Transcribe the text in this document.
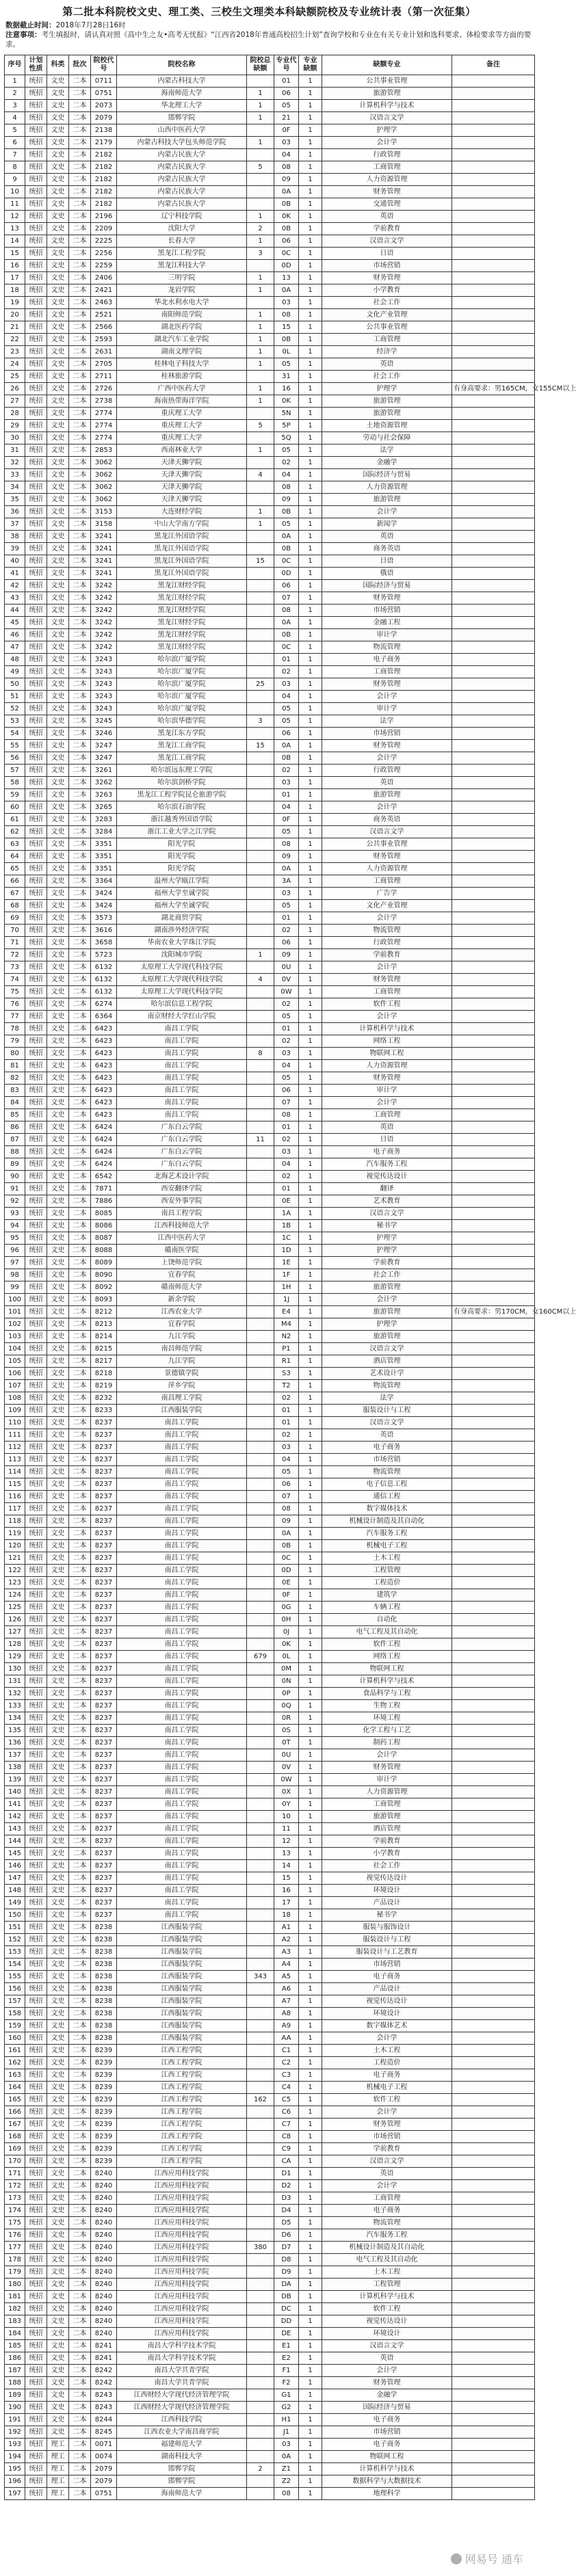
第二批本科院校文史、理工类、三校生文理类本科缺额院校及专业统计表（第一次征集）
数据截止时间：2018年7月28日16时
注意事项：考生填报时，请认真对照《高中生之友•高考无忧报》“江西省2018年普通高校招生计划”查询学校和专业在有关专业计划和选科要求、体检要求等方面的要求。
序号	计划性质	科类	批次	院校代号	院校名称	院校总缺额	专业代号	专业缺额	缺额专业	备注
1	统招	文史	二本	0711	内蒙古科技大学		01	1	公共事业管理	
2	统招	文史	二本	0751	海南师范大学	1	06	1	旅游管理	
3	统招	文史	二本	2073	华北理工大学	1	05	1	计算机科学与技术	
4	统招	文史	二本	2079	邯郸学院	1	21	1	汉语言文学	
5	统招	文史	二本	2138	山西中医药大学		0F	1	护理学	
6	统招	文史	二本	2179	内蒙古科技大学包头师范学院	1	03	1	会计学	
7	统招	文史	二本	2182	内蒙古民族大学		04	1	行政管理	
8	统招	文史	二本	2182	内蒙古民族大学	5	08	1	工商管理	
9	统招	文史	二本	2182	内蒙古民族大学		09	1	人力资源管理	
10	统招	文史	二本	2182	内蒙古民族大学		0A	1	财务管理	
11	统招	文史	二本	2182	内蒙古民族大学		0B	1	交通管理	
12	统招	文史	二本	2196	辽宁科技学院	1	0K	1	英语	
13	统招	文史	二本	2209	沈阳大学	2	0B	1	学前教育	
14	统招	文史	二本	2225	长春大学	1	06	1	汉语言文学	
15	统招	文史	二本	2256	黑龙江工程学院	3	0C	1	日语	
16	统招	文史	二本	2259	黑龙江科技大学		0D	1	市场营销	
17	统招	文史	二本	2406	三明学院	1	13	1	财务管理	
18	统招	文史	二本	2421	龙岩学院	1	0A	1	小学教育	
19	统招	文史	二本	2463	华北水利水电大学		03	1	社会工作	
20	统招	文史	二本	2521	南阳师范学院	1	08	1	文化产业管理	
21	统招	文史	二本	2566	湖北医药学院	1	15	1	公共事业管理	
22	统招	文史	二本	2593	湖北汽车工业学院	1	0B	1	工商管理	
23	统招	文史	二本	2631	湖南文理学院	1	0L	1	经济学	
24	统招	文史	二本	2705	桂林电子科技大学	1	05	1	英语	
25	统招	文史	二本	2711	桂林旅游学院		31	1	社会工作	
26	统招	文史	二本	2726	广西中医药大学	1	16	1	护理学	有身高要求：男165CM，女155CM以上
27	统招	文史	二本	2738	海南热带海洋学院	1	0K	1	旅游管理	
28	统招	文史	二本	2774	重庆理工大学		5N	1	旅游管理	
29	统招	文史	二本	2774	重庆理工大学	5	5P	1	土地资源管理	
30	统招	文史	二本	2774	重庆理工大学		5Q	1	劳动与社会保障	
31	统招	文史	二本	2853	西南林业大学	1	05	1	法学	
32	统招	文史	二本	3062	天津天狮学院		02	1	金融学	
33	统招	文史	二本	3062	天津天狮学院	4	04	1	国际经济与贸易	
34	统招	文史	二本	3062	天津天狮学院		08	1	人力资源管理	
35	统招	文史	二本	3062	天津天狮学院		09	1	旅游管理	
36	统招	文史	二本	3153	大连财经学院	1	0B	1	会计学	
37	统招	文史	二本	3158	中山大学南方学院	1	05	1	新闻学	
38	统招	文史	二本	3241	黑龙江外国语学院		0A	1	英语	
39	统招	文史	二本	3241	黑龙江外国语学院		0B	1	商务英语	
40	统招	文史	二本	3241	黑龙江外国语学院	15	0C	1	日语	
41	统招	文史	二本	3241	黑龙江外国语学院		0D	1	俄语	
42	统招	文史	二本	3242	黑龙江财经学院		06	1	国际经济与贸易	
43	统招	文史	二本	3242	黑龙江财经学院		07	1	财务管理	
44	统招	文史	二本	3242	黑龙江财经学院		08	1	市场营销	
45	统招	文史	二本	3242	黑龙江财经学院		0A	1	金融工程	
46	统招	文史	二本	3242	黑龙江财经学院		0B	1	审计学	
47	统招	文史	二本	3242	黑龙江财经学院		0C	1	物流管理	
48	统招	文史	二本	3243	哈尔滨广厦学院		01	1	电子商务	
49	统招	文史	二本	3243	哈尔滨广厦学院		02	1	工商管理	
50	统招	文史	二本	3243	哈尔滨广厦学院	25	03	1	财务管理	
51	统招	文史	二本	3243	哈尔滨广厦学院		04	1	会计学	
52	统招	文史	二本	3243	哈尔滨广厦学院		05	1	审计学	
53	统招	文史	二本	3245	哈尔滨华德学院	3	05	1	法学	
54	统招	文史	二本	3246	黑龙江东方学院		06	1	市场营销	
55	统招	文史	二本	3247	黑龙江工商学院	15	0A	1	财务管理	
56	统招	文史	二本	3247	黑龙江工商学院		0B	1	会计学	
57	统招	文史	二本	3261	哈尔滨远东理工学院		02	1	行政管理	
58	统招	文史	二本	3262	哈尔滨剑桥学院		03	1	英语	
59	统招	文史	二本	3263	黑龙江工程学院昆仑旅游学院		01	1	旅游管理	
60	统招	文史	二本	3265	哈尔滨石油学院		04	1	会计学	
61	统招	文史	二本	3283	浙江越秀外国语学院		0F	1	商务英语	
62	统招	文史	二本	3284	浙江工业大学之江学院		05	1	汉语言文学	
63	统招	文史	二本	3351	阳光学院		08	1	公共事业管理	
64	统招	文史	二本	3351	阳光学院		09	1	财务管理	
65	统招	文史	二本	3351	阳光学院		0A	1	人力资源管理	
66	统招	文史	二本	3364	温州大学瓯江学院		3A	1	工商管理	
67	统招	文史	二本	3424	福州大学至诚学院		03	1	广告学	
68	统招	文史	二本	3424	福州大学至诚学院		05	1	文化产业管理	
69	统招	文史	二本	3573	湖北商贸学院		01	1	会计学	
70	统招	文史	二本	3616	湖南涉外经济学院		02	1	物流管理	
71	统招	文史	二本	3658	华南农业大学珠江学院		06	1	行政管理	
72	统招	文史	二本	5723	沈阳城市学院	1	09	1	学前教育	
73	统招	文史	二本	6132	太原理工大学现代科技学院		0U	1	会计学	
74	统招	文史	二本	6132	太原理工大学现代科技学院	4	0V	1	财务管理	
75	统招	文史	二本	6132	太原理工大学现代科技学院		0W	1	工商管理	
76	统招	文史	二本	6274	哈尔滨信息工程学院		02	1	软件工程	
77	统招	文史	二本	6364	南京财经大学红山学院		05	1	会计学	
78	统招	文史	二本	6423	南昌工学院		01	1	计算机科学与技术	
79	统招	文史	二本	6423	南昌工学院		02	1	网络工程	
80	统招	文史	二本	6423	南昌工学院	8	03	1	物联网工程	
81	统招	文史	二本	6423	南昌工学院		04	1	人力资源管理	
82	统招	文史	二本	6423	南昌工学院		05	1	财务管理	
83	统招	文史	二本	6423	南昌工学院		06	1	审计学	
84	统招	文史	二本	6423	南昌工学院		07	1	会计学	
85	统招	文史	二本	6423	南昌工学院		08	1	工商管理	
86	统招	文史	二本	6424	广东白云学院		01	1	英语	
87	统招	文史	二本	6424	广东白云学院	11	02	1	日语	
88	统招	文史	二本	6424	广东白云学院		03	1	电子商务	
89	统招	文史	二本	6424	广东白云学院		04	1	汽车服务工程	
90	统招	文史	二本	6542	北海艺术设计学院		02	1	视觉传达设计	
91	统招	文史	二本	7871	西安翻译学院		01	1	翻译	
92	统招	文史	二本	7886	西安外事学院		0E	1	艺术教育	
93	统招	文史	二本	8085	南昌工程学院		1A	1	汉语言文学	
94	统招	文史	二本	8086	江西科技师范大学		1B	1	秘书学	
95	统招	文史	二本	8087	江西中医药大学		1C	1	护理学	
96	统招	文史	二本	8088	赣南医学院		1D	1	护理学	
97	统招	文史	二本	8089	上饶师范学院		1E	1	学前教育	
98	统招	文史	二本	8090	宜春学院		1F	1	社会工作	
99	统招	文史	二本	8092	赣南师范大学		1H	1	旅游管理	
100	统招	文史	二本	8093	新余学院		1J	1	会计学	
101	统招	文史	二本	8212	江西农业大学		E4	1	旅游管理	有身高要求：男170CM，女160CM以上
102	统招	文史	二本	8213	宜春学院		M4	1	护理学	
103	统招	文史	二本	8214	九江学院		N2	1	旅游管理	
104	统招	文史	二本	8215	南昌师范学院		P1	1	汉语言文学	
105	统招	文史	二本	8217	九江学院		R1	1	酒店管理	
106	统招	文史	二本	8218	景德镇学院		S3	1	艺术设计学	
107	统招	文史	二本	8219	萍乡学院		T2	1	物流管理	
108	统招	文史	二本	8232	南昌理工学院		02	1	法学	
109	统招	文史	二本	8233	江西服装学院		01	1	服装设计与工程	
110	统招	文史	二本	8237	南昌工学院		01	1	汉语言文学	
111	统招	文史	二本	8237	南昌工学院		02	1	英语	
112	统招	文史	二本	8237	南昌工学院		03	1	电子商务	
113	统招	文史	二本	8237	南昌工学院		04	1	市场营销	
114	统招	文史	二本	8237	南昌工学院		05	1	物流管理	
115	统招	文史	二本	8237	南昌工学院		06	1	电子信息工程	
116	统招	文史	二本	8237	南昌工学院		07	1	通信工程	
117	统招	文史	二本	8237	南昌工学院		08	1	数字媒体技术	
118	统招	文史	二本	8237	南昌工学院		09	1	机械设计制造及其自动化	
119	统招	文史	二本	8237	南昌工学院		0A	1	汽车服务工程	
120	统招	文史	二本	8237	南昌工学院		0B	1	机械电子工程	
121	统招	文史	二本	8237	南昌工学院		0C	1	土木工程	
122	统招	文史	二本	8237	南昌工学院		0D	1	工程管理	
123	统招	文史	二本	8237	南昌工学院		0E	1	工程造价	
124	统招	文史	二本	8237	南昌工学院		0F	1	建筑学	
125	统招	文史	二本	8237	南昌工学院		0G	1	车辆工程	
126	统招	文史	二本	8237	南昌工学院		0H	1	自动化	
127	统招	文史	二本	8237	南昌工学院		0J	1	电气工程及其自动化	
128	统招	文史	二本	8237	南昌工学院		0K	1	软件工程	
129	统招	文史	二本	8237	南昌工学院	679	0L	1	网络工程	
130	统招	文史	二本	8237	南昌工学院		0M	1	物联网工程	
131	统招	文史	二本	8237	南昌工学院		0N	1	计算机科学与技术	
132	统招	文史	二本	8237	南昌工学院		0P	1	食品科学与工程	
133	统招	文史	二本	8237	南昌工学院		0Q	1	生物工程	
134	统招	文史	二本	8237	南昌工学院		0R	1	环境工程	
135	统招	文史	二本	8237	南昌工学院		0S	1	化学工程与工艺	
136	统招	文史	二本	8237	南昌工学院		0T	1	制药工程	
137	统招	文史	二本	8237	南昌工学院		0U	1	会计学	
138	统招	文史	二本	8237	南昌工学院		0V	1	财务管理	
139	统招	文史	二本	8237	南昌工学院		0W	1	审计学	
140	统招	文史	二本	8237	南昌工学院		0X	1	人力资源管理	
141	统招	文史	二本	8237	南昌工学院		0Y	1	工商管理	
142	统招	文史	二本	8237	南昌工学院		10	1	旅游管理	
143	统招	文史	二本	8237	南昌工学院		11	1	酒店管理	
144	统招	文史	二本	8237	南昌工学院		12	1	学前教育	
145	统招	文史	二本	8237	南昌工学院		13	1	小学教育	
146	统招	文史	二本	8237	南昌工学院		14	1	社会工作	
147	统招	文史	二本	8237	南昌工学院		15	1	视觉传达设计	
148	统招	文史	二本	8237	南昌工学院		16	1	环境设计	
149	统招	文史	二本	8237	南昌工学院		17	1	产品设计	
150	统招	文史	二本	8237	南昌工学院		18	1	秘书学	
151	统招	文史	二本	8238	江西服装学院		A1	1	服装与服饰设计	
152	统招	文史	二本	8238	江西服装学院		A2	1	服装设计与工程	
153	统招	文史	二本	8238	江西服装学院		A3	1	服装设计与工艺教育	
154	统招	文史	二本	8238	江西服装学院		A4	1	市场营销	
155	统招	文史	二本	8238	江西服装学院	343	A5	1	电子商务	
156	统招	文史	二本	8238	江西服装学院		A6	1	产品设计	
157	统招	文史	二本	8238	江西服装学院		A7	1	视觉传达设计	
158	统招	文史	二本	8238	江西服装学院		A8	1	环境设计	
159	统招	文史	二本	8238	江西服装学院		A9	1	数字媒体艺术	
160	统招	文史	二本	8238	江西服装学院		AA	1	会计学	
161	统招	文史	二本	8239	江西工程学院		C1	1	土木工程	
162	统招	文史	二本	8239	江西工程学院		C2	1	工程造价	
163	统招	文史	二本	8239	江西工程学院		C3	1	电子商务	
164	统招	文史	二本	8239	江西工程学院		C4	1	机械电子工程	
165	统招	文史	二本	8239	江西工程学院	162	C5	1	软件工程	
166	统招	文史	二本	8239	江西工程学院		C6	1	会计学	
167	统招	文史	二本	8239	江西工程学院		C7	1	财务管理	
168	统招	文史	二本	8239	江西工程学院		C8	1	市场营销	
169	统招	文史	二本	8239	江西工程学院		C9	1	学前教育	
170	统招	文史	二本	8239	江西工程学院		CA	1	汉语言文学	
171	统招	文史	二本	8240	江西应用科技学院		D1	1	英语	
172	统招	文史	二本	8240	江西应用科技学院		D2	1	会计学	
173	统招	文史	二本	8240	江西应用科技学院		D3	1	工商管理	
174	统招	文史	二本	8240	江西应用科技学院		D4	1	电子商务	
175	统招	文史	二本	8240	江西应用科技学院		D5	1	物流管理	
176	统招	文史	二本	8240	江西应用科技学院		D6	1	汽车服务工程	
177	统招	文史	二本	8240	江西应用科技学院	380	D7	1	机械设计制造及其自动化	
178	统招	文史	二本	8240	江西应用科技学院		D8	1	电气工程及其自动化	
179	统招	文史	二本	8240	江西应用科技学院		D9	1	土木工程	
180	统招	文史	二本	8240	江西应用科技学院		DA	1	工程管理	
181	统招	文史	二本	8240	江西应用科技学院		DB	1	计算机科学与技术	
182	统招	文史	二本	8240	江西应用科技学院		DC	1	软件工程	
183	统招	文史	二本	8240	江西应用科技学院		DD	1	视觉传达设计	
184	统招	文史	二本	8240	江西应用科技学院		DE	1	环境设计	
185	统招	文史	二本	8241	南昌大学科学技术学院		E1	1	汉语言文学	
186	统招	文史	二本	8241	南昌大学科学技术学院		E2	1	英语	
187	统招	文史	二本	8242	南昌大学共青学院		F1	1	会计学	
188	统招	文史	二本	8242	南昌大学共青学院		F2	1	财务管理	
189	统招	文史	二本	8243	江西财经大学现代经济管理学院		G1	1	金融学	
190	统招	文史	二本	8243	江西财经大学现代经济管理学院		G2	1	国际经济与贸易	
191	统招	文史	二本	8244	江西科技学院		H1	1	电子商务	
192	统招	文史	二本	8245	江西农业大学南昌商学院		J1	1	市场营销	
193	统招	理工	二本	0071	福建师范大学		03	1	电子商务	
194	统招	理工	二本	0074	湖南科技大学		0A	1	物联网工程	
195	统招	理工	二本	2079	邯郸学院	2	Z1	1	计算机科学与技术	
196	统招	理工	二本	2079	邯郸学院		Z2	1	数据科学与大数据技术	
197	统招	理工	二本	0751	海南师范大学		08	1	地理科学	
网易号 通车
